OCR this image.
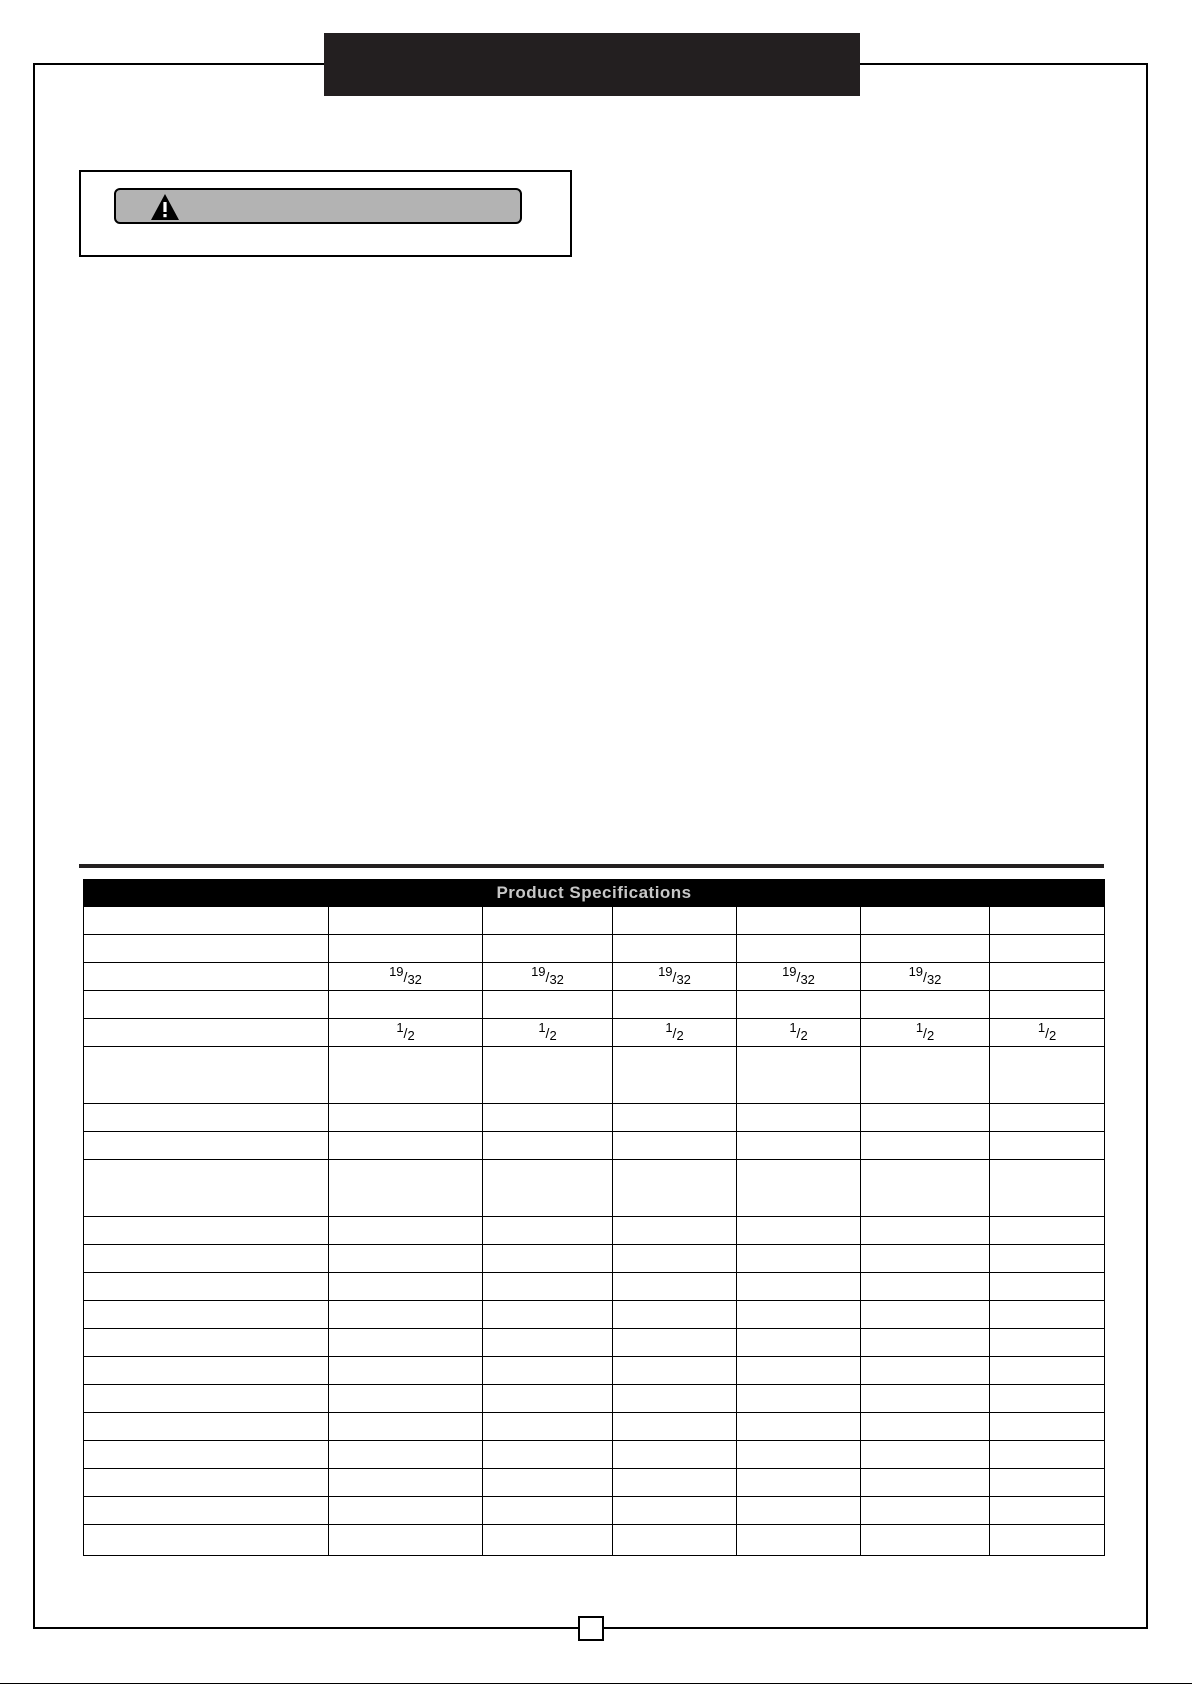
Product Specifications						

	$^{19}/_{32}$	$^{19}/_{32}$	$^{19}/_{32}$	$^{19}/_{32}$	$^{19}/_{32}$	

	$^1/_2$	$^1/_2$	$^1/_2$	$^1/_2$	$^1/_2$	$^1/_2$
